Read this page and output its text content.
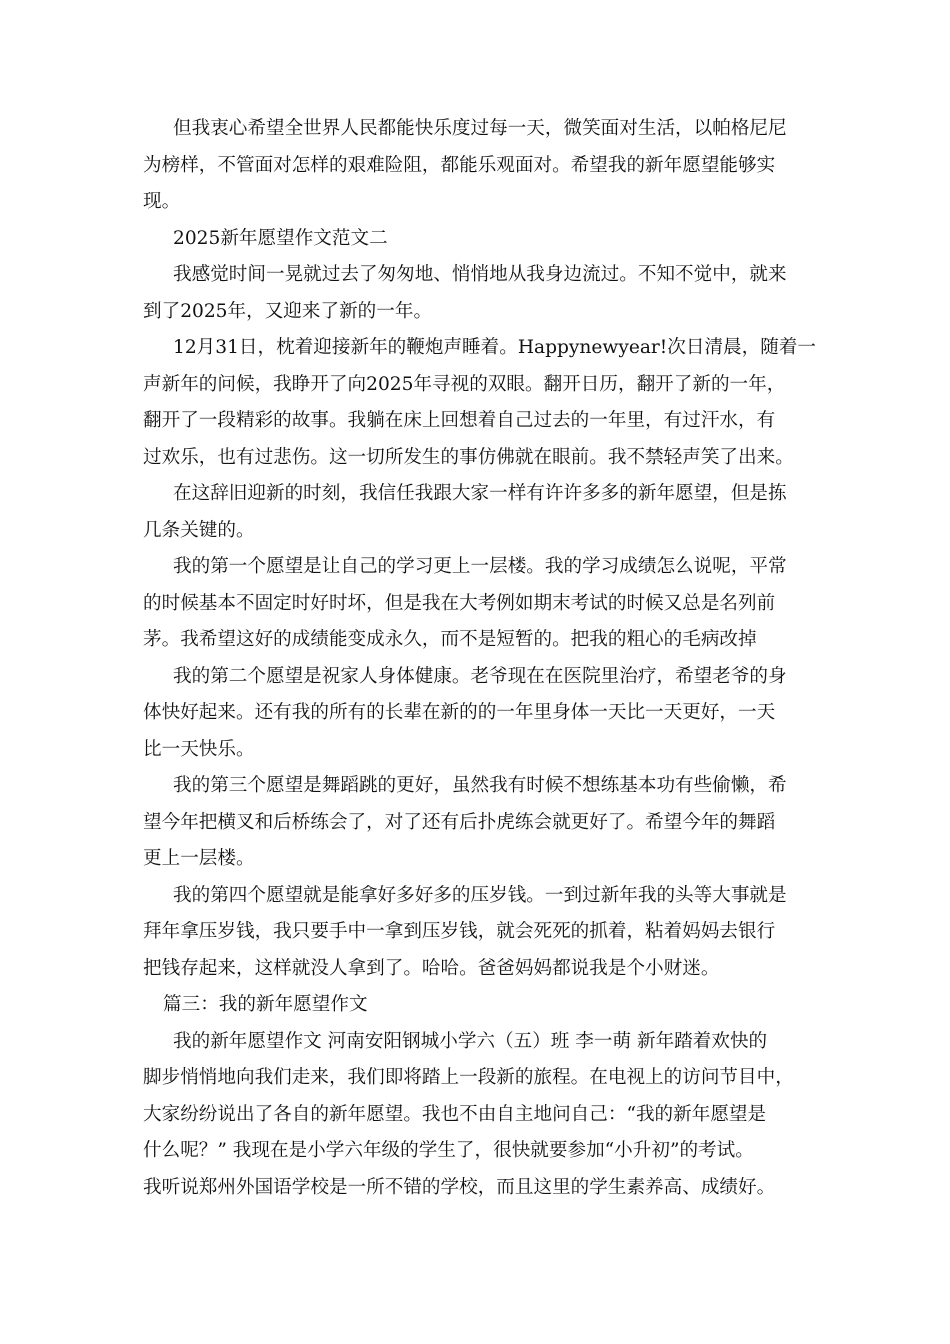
但我衷心希望全世界人民都能快乐度过每一天，微笑面对生活，以帕格尼尼
为榜样，不管面对怎样的艰难险阻，都能乐观面对。希望我的新年愿望能够实
现。
2025新年愿望作文范文二
我感觉时间一晃就过去了匆匆地、悄悄地从我身边流过。不知不觉中，就来
到了2025年，又迎来了新的一年。
12月31日，枕着迎接新年的鞭炮声睡着。Happynewyear!次日清晨，随着一
声新年的问候，我睁开了向2025年寻视的双眼。翻开日历，翻开了新的一年，
翻开了一段精彩的故事。我躺在床上回想着自己过去的一年里，有过汗水，有
过欢乐，也有过悲伤。这一切所发生的事仿佛就在眼前。我不禁轻声笑了出来。
在这辞旧迎新的时刻，我信任我跟大家一样有许许多多的新年愿望，但是拣
几条关键的。
我的第一个愿望是让自己的学习更上一层楼。我的学习成绩怎么说呢，平常
的时候基本不固定时好时坏，但是我在大考例如期末考试的时候又总是名列前
茅。我希望这好的成绩能变成永久，而不是短暂的。把我的粗心的毛病改掉
我的第二个愿望是祝家人身体健康。老爷现在在医院里治疗，希望老爷的身
体快好起来。还有我的所有的长辈在新的的一年里身体一天比一天更好，一天
比一天快乐。
我的第三个愿望是舞蹈跳的更好，虽然我有时候不想练基本功有些偷懒，希
望今年把横叉和后桥练会了，对了还有后扑虎练会就更好了。希望今年的舞蹈
更上一层楼。
我的第四个愿望就是能拿好多好多的压岁钱。一到过新年我的头等大事就是
拜年拿压岁钱，我只要手中一拿到压岁钱，就会死死的抓着，粘着妈妈去银行
把钱存起来，这样就没人拿到了。哈哈。爸爸妈妈都说我是个小财迷。
篇三：我的新年愿望作文
我的新年愿望作文 河南安阳钢城小学六（五）班 李一萌 新年踏着欢快的
脚步悄悄地向我们走来，我们即将踏上一段新的旅程。在电视上的访问节目中，
大家纷纷说出了各自的新年愿望。我也不由自主地问自己：“我的新年愿望是
什么呢？” 我现在是小学六年级的学生了，很快就要参加“小升初”的考试。
我听说郑州外国语学校是一所不错的学校，而且这里的学生素养高、成绩好。
